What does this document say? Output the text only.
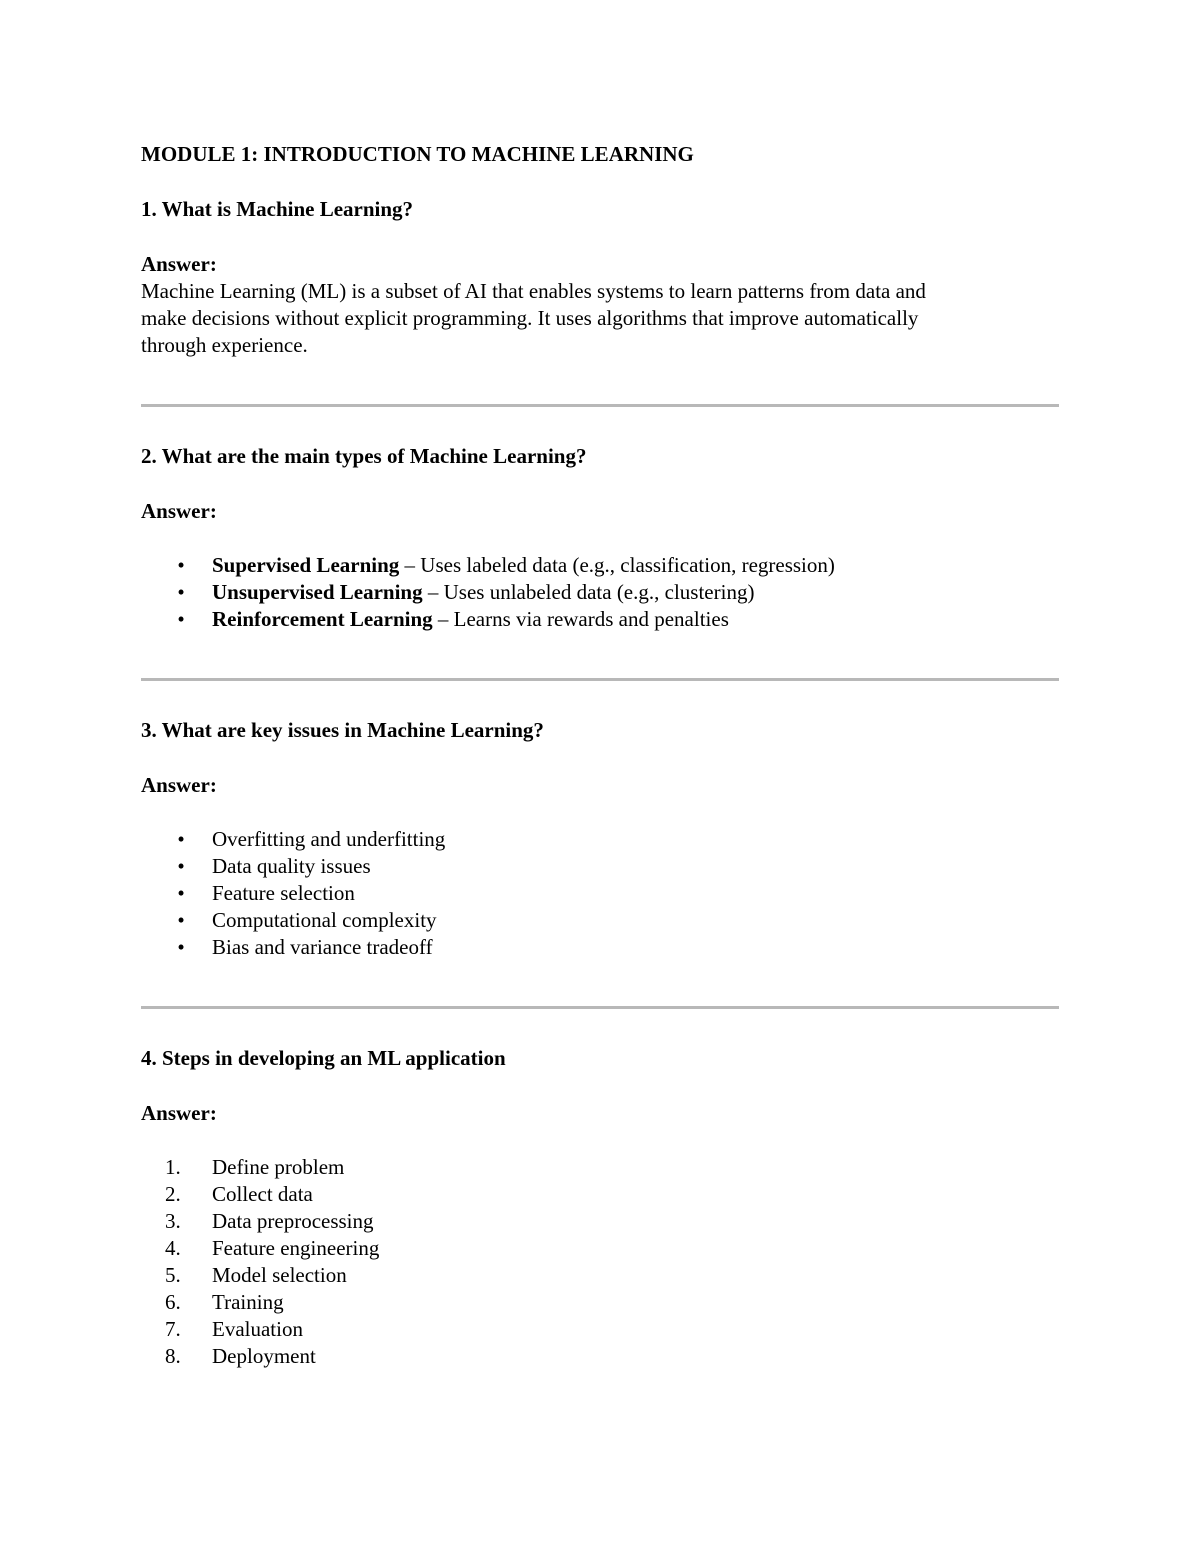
MODULE 1: INTRODUCTION TO MACHINE LEARNING

1. What is Machine Learning?

Answer:

Machine Learning (ML) is a subset of AI that enables systems to learn patterns from data and

make decisions without explicit programming. It uses algorithms that improve automatically

through experience.

2. What are the main types of Machine Learning?

Answer:

•	Supervised Learning – Uses labeled data (e.g., classification, regression)
•	Unsupervised Learning – Uses unlabeled data (e.g., clustering)
•	Reinforcement Learning – Learns via rewards and penalties

3. What are key issues in Machine Learning?

Answer:

•	Overfitting and underfitting
•	Data quality issues
•	Feature selection
•	Computational complexity
•	Bias and variance tradeoff

4. Steps in developing an ML application

Answer:

1.	Define problem
2.	Collect data
3.	Data preprocessing
4.	Feature engineering
5.	Model selection
6.	Training
7.	Evaluation
8.	Deployment
